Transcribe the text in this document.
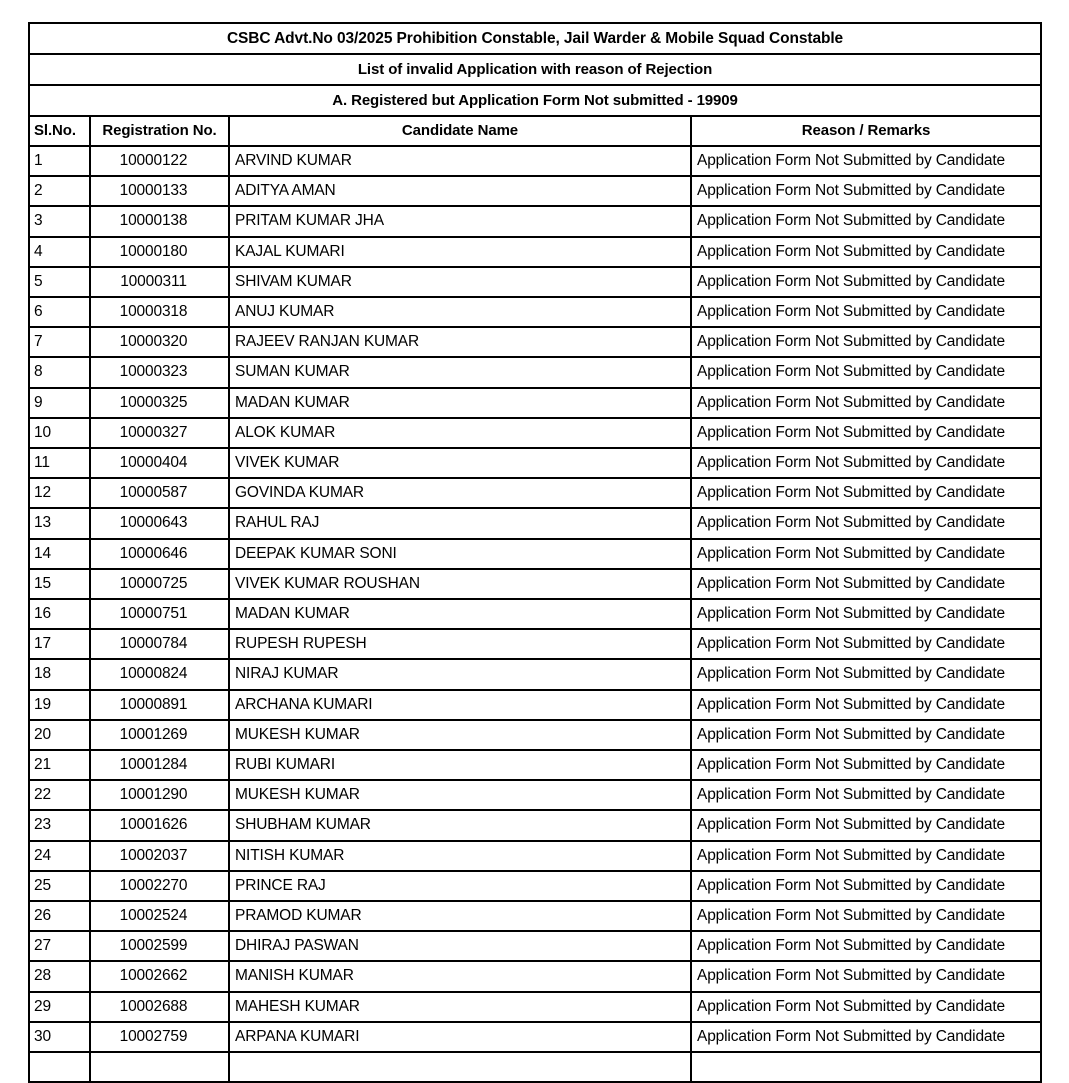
CSBC Advt.No 03/2025 Prohibition Constable, Jail Warder & Mobile Squad Constable			
List of invalid Application with reason of Rejection			
A. Registered but Application Form Not submitted - 19909			
Sl.No.	Registration No.	Candidate Name	Reason / Remarks
1	10000122	ARVIND KUMAR	Application Form Not Submitted by Candidate
2	10000133	ADITYA AMAN	Application Form Not Submitted by Candidate
3	10000138	PRITAM KUMAR JHA	Application Form Not Submitted by Candidate
4	10000180	KAJAL KUMARI	Application Form Not Submitted by Candidate
5	10000311	SHIVAM KUMAR	Application Form Not Submitted by Candidate
6	10000318	ANUJ KUMAR	Application Form Not Submitted by Candidate
7	10000320	RAJEEV RANJAN KUMAR	Application Form Not Submitted by Candidate
8	10000323	SUMAN KUMAR	Application Form Not Submitted by Candidate
9	10000325	MADAN KUMAR	Application Form Not Submitted by Candidate
10	10000327	ALOK KUMAR	Application Form Not Submitted by Candidate
11	10000404	VIVEK KUMAR	Application Form Not Submitted by Candidate
12	10000587	GOVINDA KUMAR	Application Form Not Submitted by Candidate
13	10000643	RAHUL RAJ	Application Form Not Submitted by Candidate
14	10000646	DEEPAK KUMAR SONI	Application Form Not Submitted by Candidate
15	10000725	VIVEK KUMAR ROUSHAN	Application Form Not Submitted by Candidate
16	10000751	MADAN KUMAR	Application Form Not Submitted by Candidate
17	10000784	RUPESH RUPESH	Application Form Not Submitted by Candidate
18	10000824	NIRAJ KUMAR	Application Form Not Submitted by Candidate
19	10000891	ARCHANA KUMARI	Application Form Not Submitted by Candidate
20	10001269	MUKESH KUMAR	Application Form Not Submitted by Candidate
21	10001284	RUBI KUMARI	Application Form Not Submitted by Candidate
22	10001290	MUKESH KUMAR	Application Form Not Submitted by Candidate
23	10001626	SHUBHAM KUMAR	Application Form Not Submitted by Candidate
24	10002037	NITISH KUMAR	Application Form Not Submitted by Candidate
25	10002270	PRINCE RAJ	Application Form Not Submitted by Candidate
26	10002524	PRAMOD KUMAR	Application Form Not Submitted by Candidate
27	10002599	DHIRAJ PASWAN	Application Form Not Submitted by Candidate
28	10002662	MANISH KUMAR	Application Form Not Submitted by Candidate
29	10002688	MAHESH KUMAR	Application Form Not Submitted by Candidate
30	10002759	ARPANA KUMARI	Application Form Not Submitted by Candidate
